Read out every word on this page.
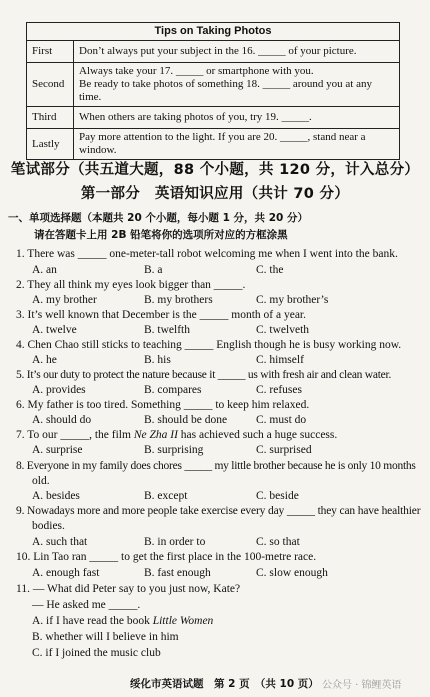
Tips on Taking Photos	
First	Don’t always put your subject in the 16. _____ of your picture.

Second	Always take your 17. _____ or smartphone with you.
Be ready to take photos of something 18. _____ around you at any
time.

Third	When others are taking photos of you, try 19. _____.

Lastly	Pay more attention to the light. If you are 20. _____, stand near a
window.
笔试部分（共五道大题，88 个小题，共 120 分，计入总分）
第一部分　英语知识应用（共计 70 分）
一、单项选择题（本题共 20 个小题，每小题 1 分，共 20 分）
请在答题卡上用 2B 铅笔将你的选项所对应的方框涂黑
1. There was _____ one-meter-tall robot welcoming me when I went into the bank.
A. an	B. a	C. the
2. They all think my eyes look bigger than _____.
A. my brother	B. my brothers	C. my brother’s
3. It’s well known that December is the _____ month of a year.
A. twelve	B. twelfth	C. twelveth
4. Chen Chao still sticks to teaching _____ English though he is busy working now.
A. he	B. his	C. himself
5. It’s our duty to protect the nature because it _____ us with fresh air and clean water.
A. provides	B. compares	C. refuses
6. My father is too tired. Something _____ to keep him relaxed.
A. should do	B. should be done	C. must do
7. To our _____, the film Ne Zha II has achieved such a huge success.
A. surprise	B. surprising	C. surprised
8. Everyone in my family does chores _____ my little brother because he is only 10 months
old.
A. besides	B. except	C. beside
9. Nowadays more and more people take exercise every day _____ they can have healthier
bodies.
A. such that	B. in order to	C. so that
10. Lin Tao ran _____ to get the first place in the 100-metre race.
A. enough fast	B. fast enough	C. slow enough
11. — What did Peter say to you just now, Kate?
— He asked me _____.
A. if I have read the book Little Women
B. whether will I believe in him
C. if I joined the music club
绥化市英语试题　第 2 页　（共 10 页） 公众号 · 锦鲤英语
